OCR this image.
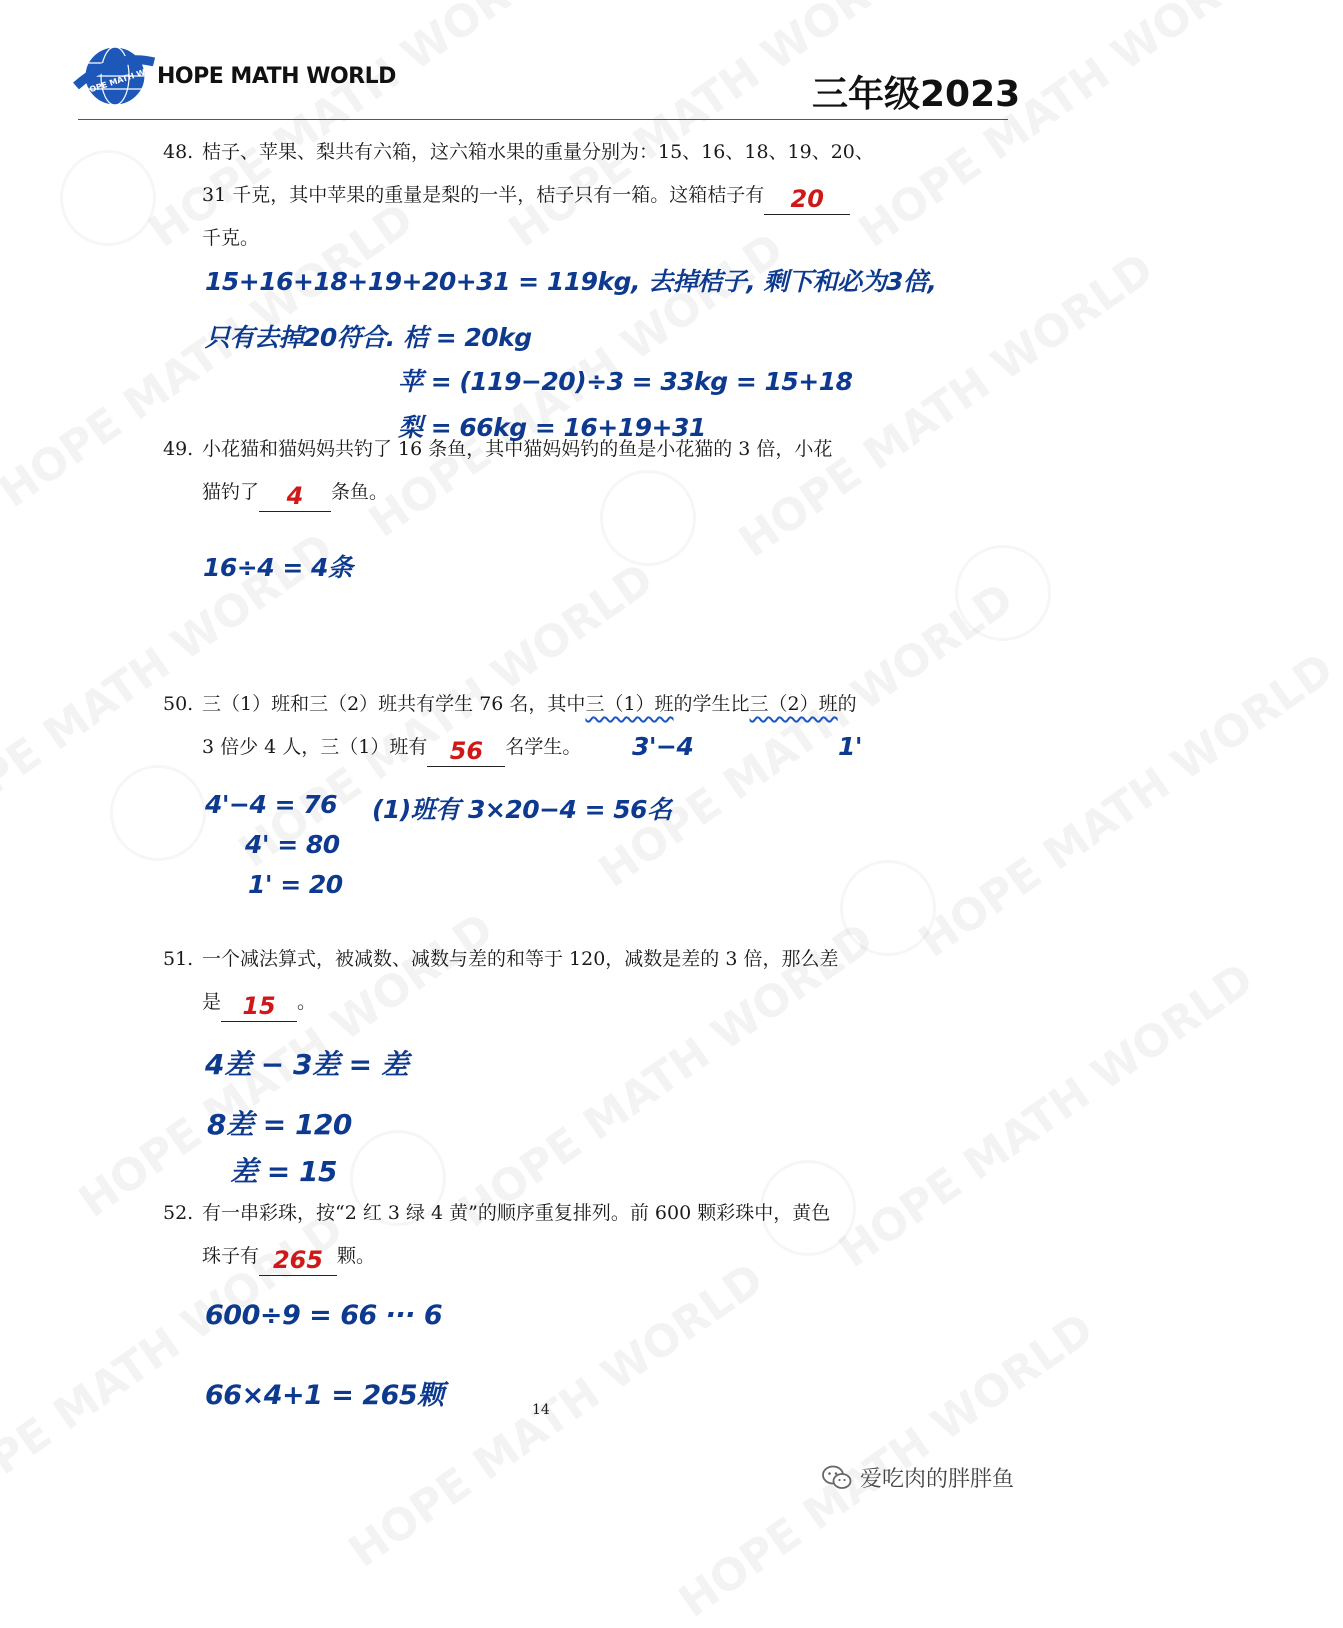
HOPE MATH WORLD
HOPE MATH WORLD	三年级2023
48. 桔子、苹果、梨共有六箱，这六箱水果的重量分别为：15、16、18、19、20、
31 千克，其中苹果的重量是梨的一半，桔子只有一箱。这箱桔子有 20
千克。
15+16+18+19+20+31 = 119kg, 去掉桔子, 剩下和必为3倍,
只有去掉20符合. 桔 = 20kg
苹 = (119−20)÷3 = 33kg = 15+18
梨 = 66kg = 16+19+31
49. 小花猫和猫妈妈共钓了 16 条鱼，其中猫妈妈钓的鱼是小花猫的 3 倍，小花
猫钓了 4 条鱼。
16÷4 = 4条
50. 三（1）班和三（2）班共有学生 76 名，其中三（1）班的学生比三（2）班的
3 倍少 4 人，三（1）班有 56 名学生。 3'−4	1'
4'−4 = 76 (1)班有 3×20−4 = 56名
4' = 80
1' = 20
51. 一个减法算式，被减数、减数与差的和等于 120，减数是差的 3 倍，那么差
是 15 。
4差 − 3差 = 差
8差 = 120
差 = 15
52. 有一串彩珠，按“2 红 3 绿 4 黄”的顺序重复排列。前 600 颗彩珠中，黄色
珠子有 265 颗。
600÷9 = 66 ··· 6
66×4+1 = 265颗	14
爱吃肉的胖胖鱼
